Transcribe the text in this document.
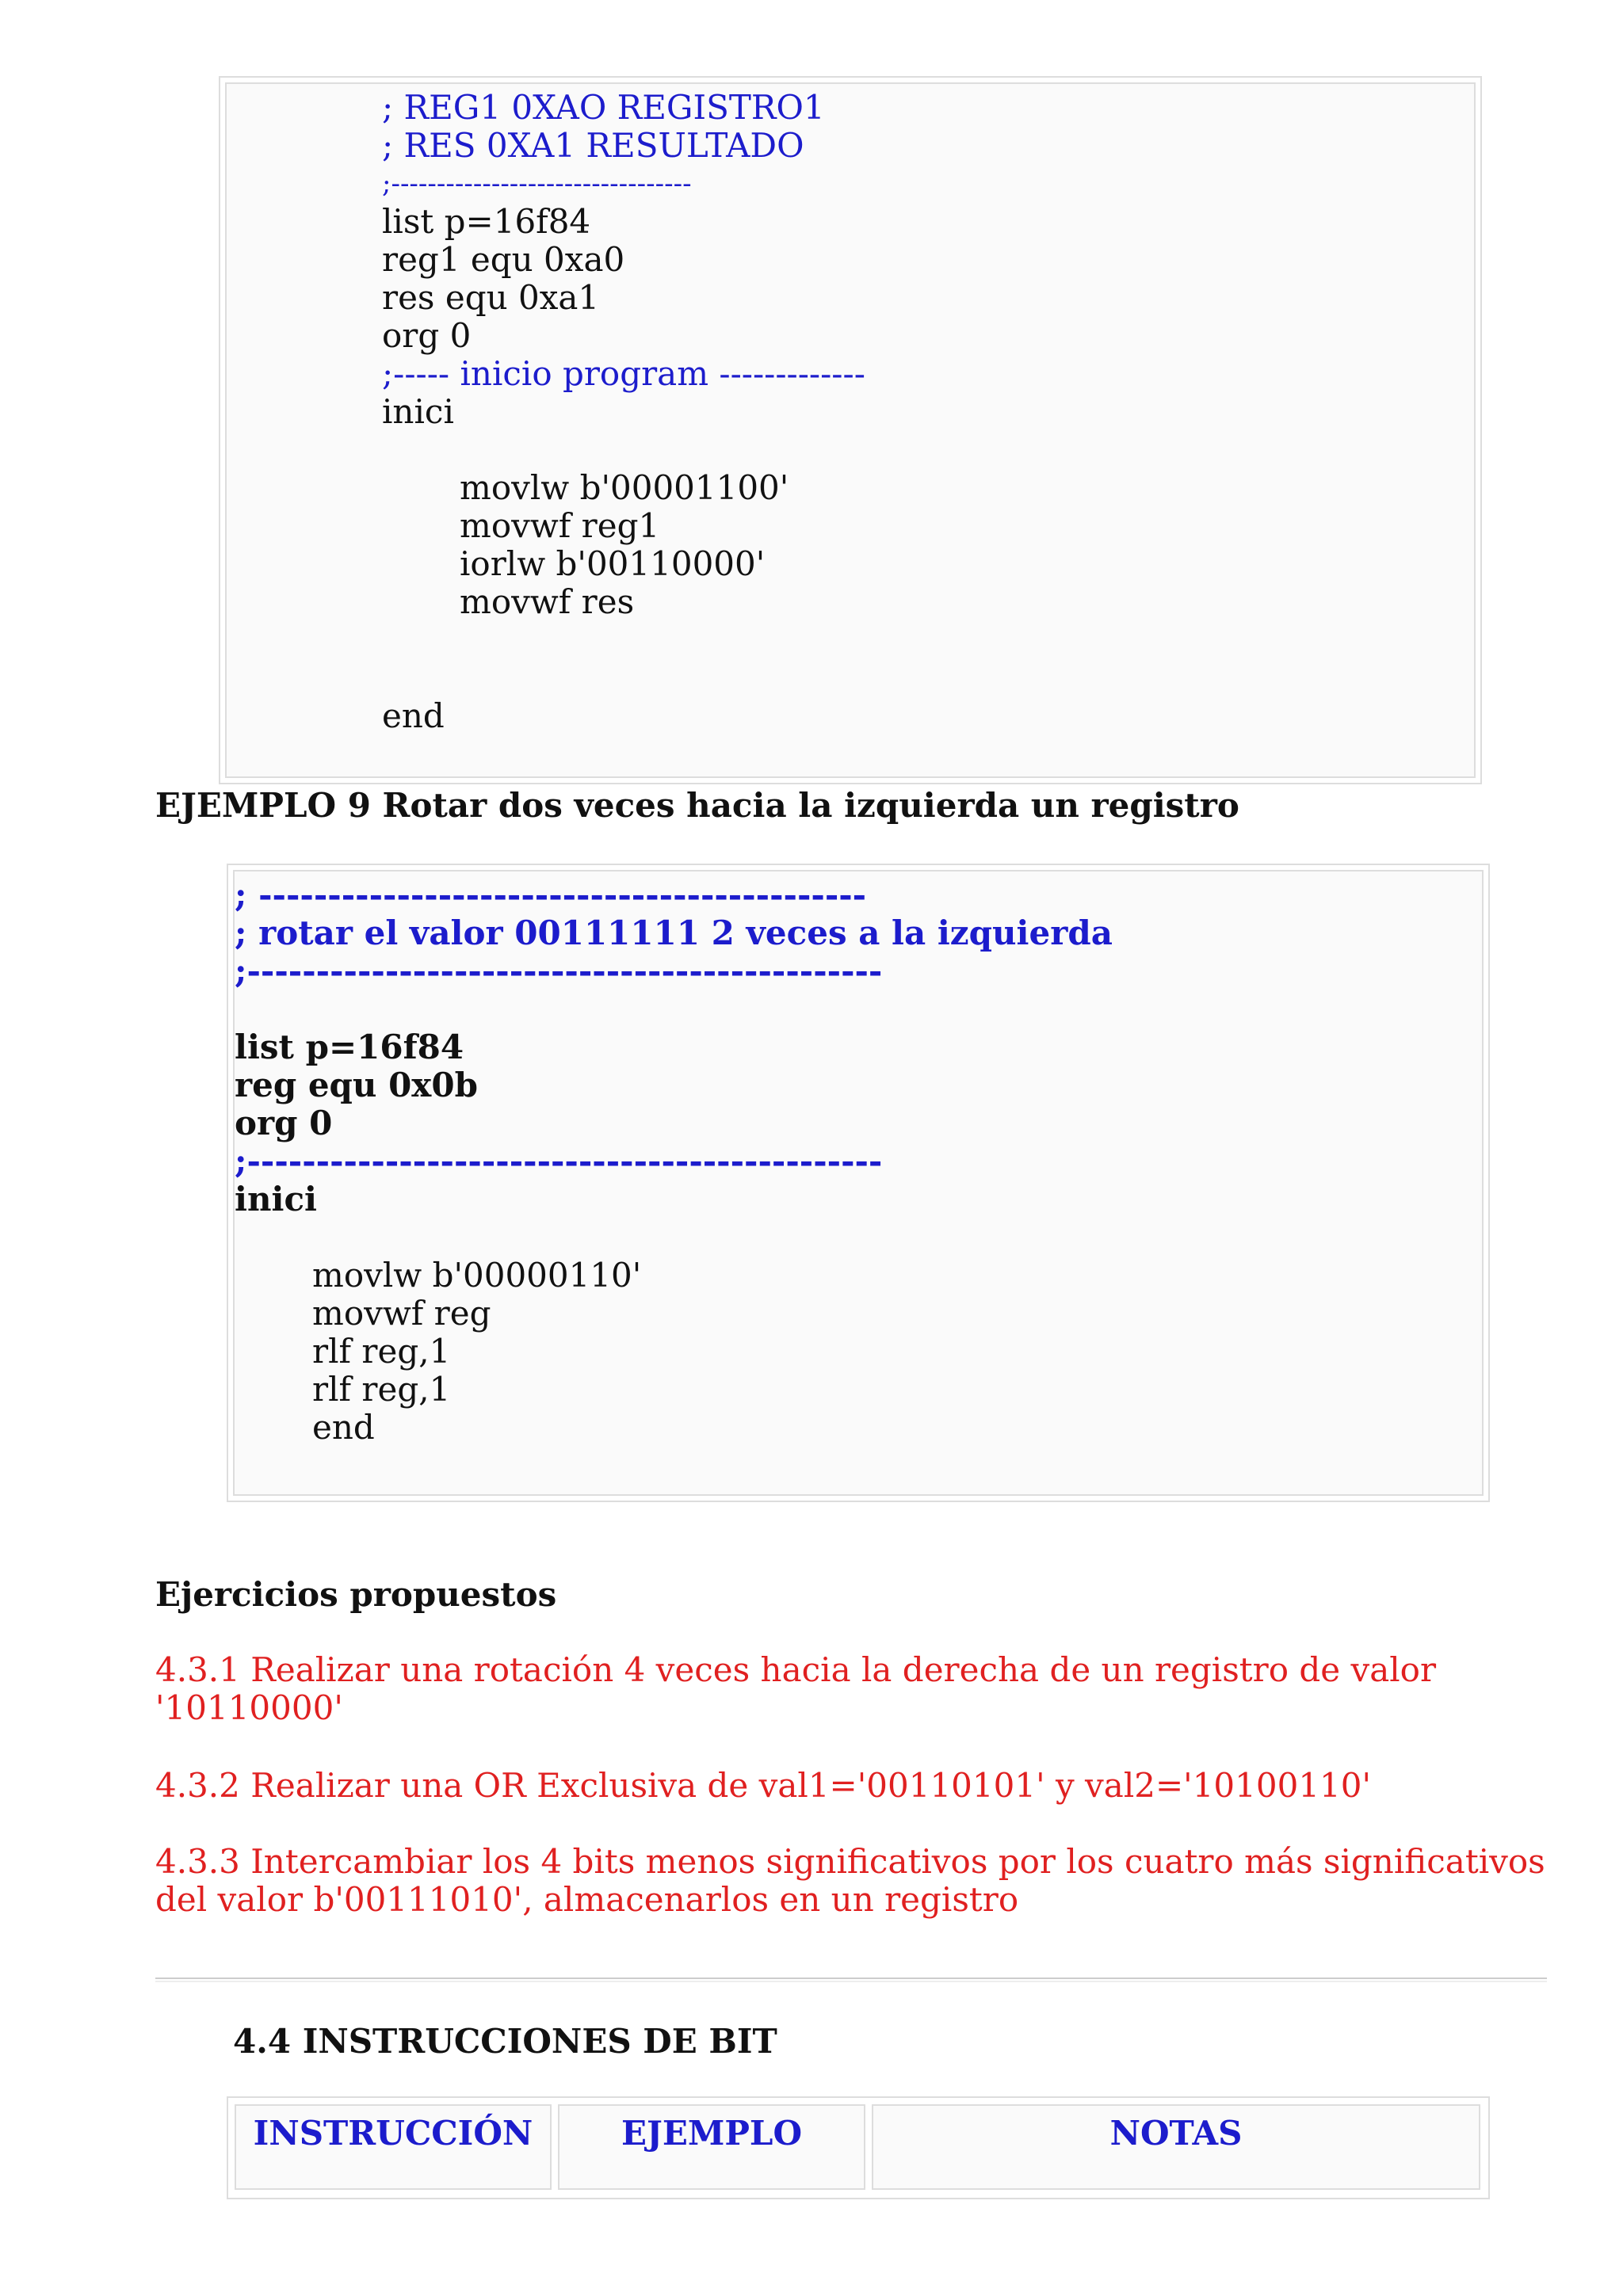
; REG1 0XAO REGISTRO1
; RES 0XA1 RESULTADO
;---------------------------------
list p=16f84
reg1 equ 0xa0
res equ 0xa1
org 0
;----- inicio program -------------
inici
movlw b'00001100'
movwf reg1
iorlw b'00110000'
movwf res
end
EJEMPLO 9 Rotar dos veces hacia la izquierda un registro
; --------------------------------------------
; rotar el valor 00111111 2 veces a la izquierda
;----------------------------------------------
list p=16f84
reg equ 0x0b
org 0
;----------------------------------------------
inici
movlw b'00000110'
movwf reg
rlf reg,1
rlf reg,1
end
Ejercicios propuestos
4.3.1 Realizar una rotación 4 veces hacia la derecha de un registro de valor '10110000'
4.3.2 Realizar una OR Exclusiva de val1='00110101' y val2='10100110'
4.3.3 Intercambiar los 4 bits menos significativos por los cuatro más significativos del valor b'00111010', almacenarlos en un registro
4.4 INSTRUCCIONES DE BIT
INSTRUCCIÓN	EJEMPLO	NOTAS
